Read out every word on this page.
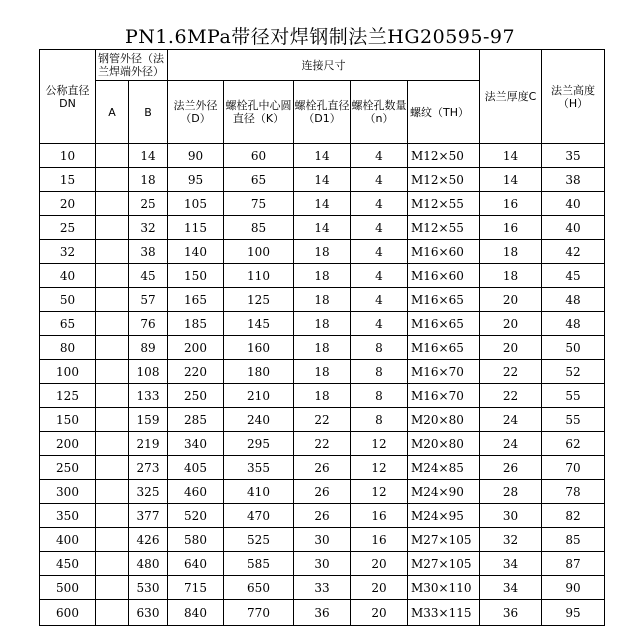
PN1.6MPa带径对焊钢制法兰HG20595-97
公称直径DN	钢管外径（法兰焊端外径）		连接尺寸					法兰厚度C	法兰高度（H）
	A	B	法兰外径（D）	螺栓孔中心圆直径（K）	螺栓孔直径（D1）	螺栓孔数量（n）	螺纹（TH）		
10		14	90	60	14	4	M12×50	14	35
15		18	95	65	14	4	M12×50	14	38
20		25	105	75	14	4	M12×55	16	40
25		32	115	85	14	4	M12×55	16	40
32		38	140	100	18	4	M16×60	18	42
40		45	150	110	18	4	M16×60	18	45
50		57	165	125	18	4	M16×65	20	48
65		76	185	145	18	4	M16×65	20	48
80		89	200	160	18	8	M16×65	20	50
100		108	220	180	18	8	M16×70	22	52
125		133	250	210	18	8	M16×70	22	55
150		159	285	240	22	8	M20×80	24	55
200		219	340	295	22	12	M20×80	24	62
250		273	405	355	26	12	M24×85	26	70
300		325	460	410	26	12	M24×90	28	78
350		377	520	470	26	16	M24×95	30	82
400		426	580	525	30	16	M27×105	32	85
450		480	640	585	30	20	M27×105	34	87
500		530	715	650	33	20	M30×110	34	90
600		630	840	770	36	20	M33×115	36	95
